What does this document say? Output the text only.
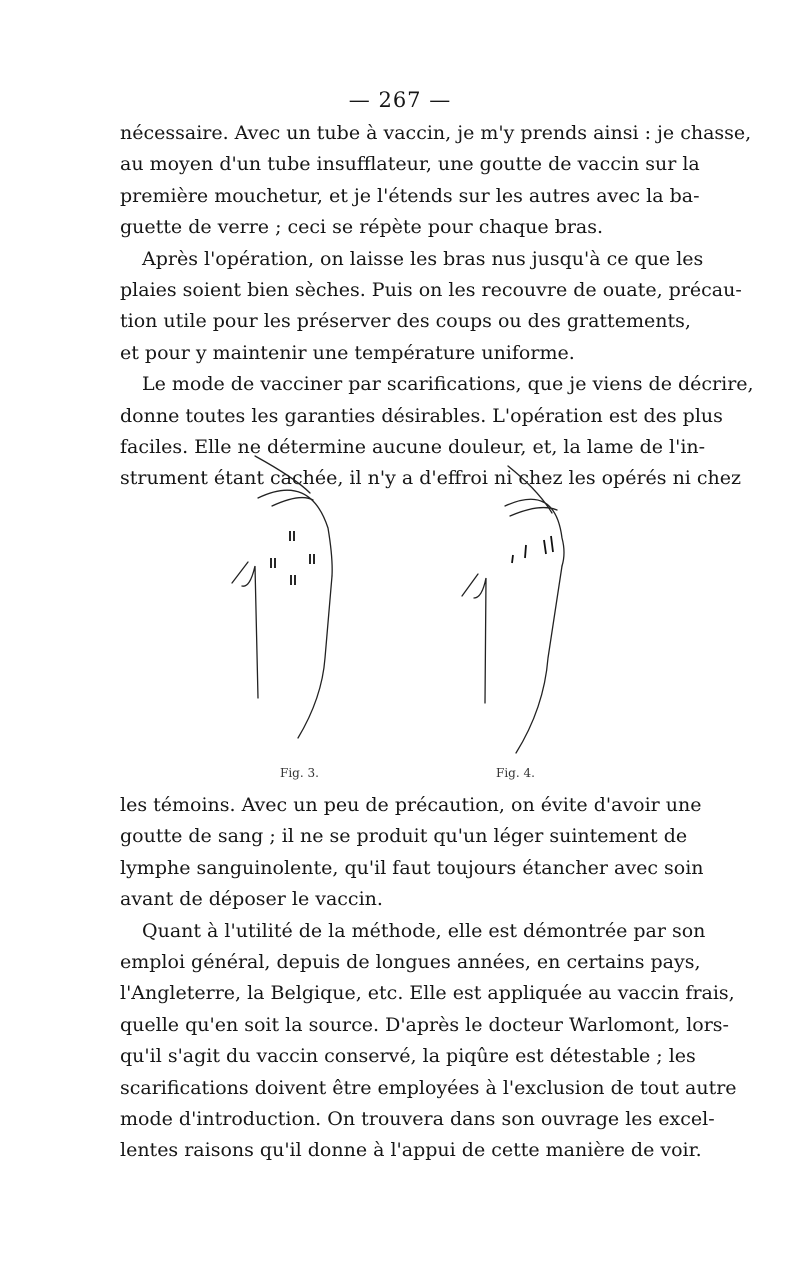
— 267 —
nécessaire. Avec un tube à vaccin, je m'y prends ainsi : je chasse,
au moyen d'un tube insufflateur, une goutte de vaccin sur la
première mouchetur, et je l'étends sur les autres avec la ba-
guette de verre ; ceci se répète pour chaque bras.
Après l'opération, on laisse les bras nus jusqu'à ce que les
plaies soient bien sèches. Puis on les recouvre de ouate, précau-
tion utile pour les préserver des coups ou des grattements,
et pour y maintenir une température uniforme.
Le mode de vacciner par scarifications, que je viens de décrire,
donne toutes les garanties désirables. L'opération est des plus
faciles. Elle ne détermine aucune douleur, et, la lame de l'in-
strument étant cachée, il n'y a d'effroi ni chez les opérés ni chez
Fig. 3.	Fig. 4.
les témoins. Avec un peu de précaution, on évite d'avoir une
goutte de sang ; il ne se produit qu'un léger suintement de
lymphe sanguinolente, qu'il faut toujours étancher avec soin
avant de déposer le vaccin.
Quant à l'utilité de la méthode, elle est démontrée par son
emploi général, depuis de longues années, en certains pays,
l'Angleterre, la Belgique, etc. Elle est appliquée au vaccin frais,
quelle qu'en soit la source. D'après le docteur Warlomont, lors-
qu'il s'agit du vaccin conservé, la piqûre est détestable ; les
scarifications doivent être employées à l'exclusion de tout autre
mode d'introduction. On trouvera dans son ouvrage les excel-
lentes raisons qu'il donne à l'appui de cette manière de voir.
